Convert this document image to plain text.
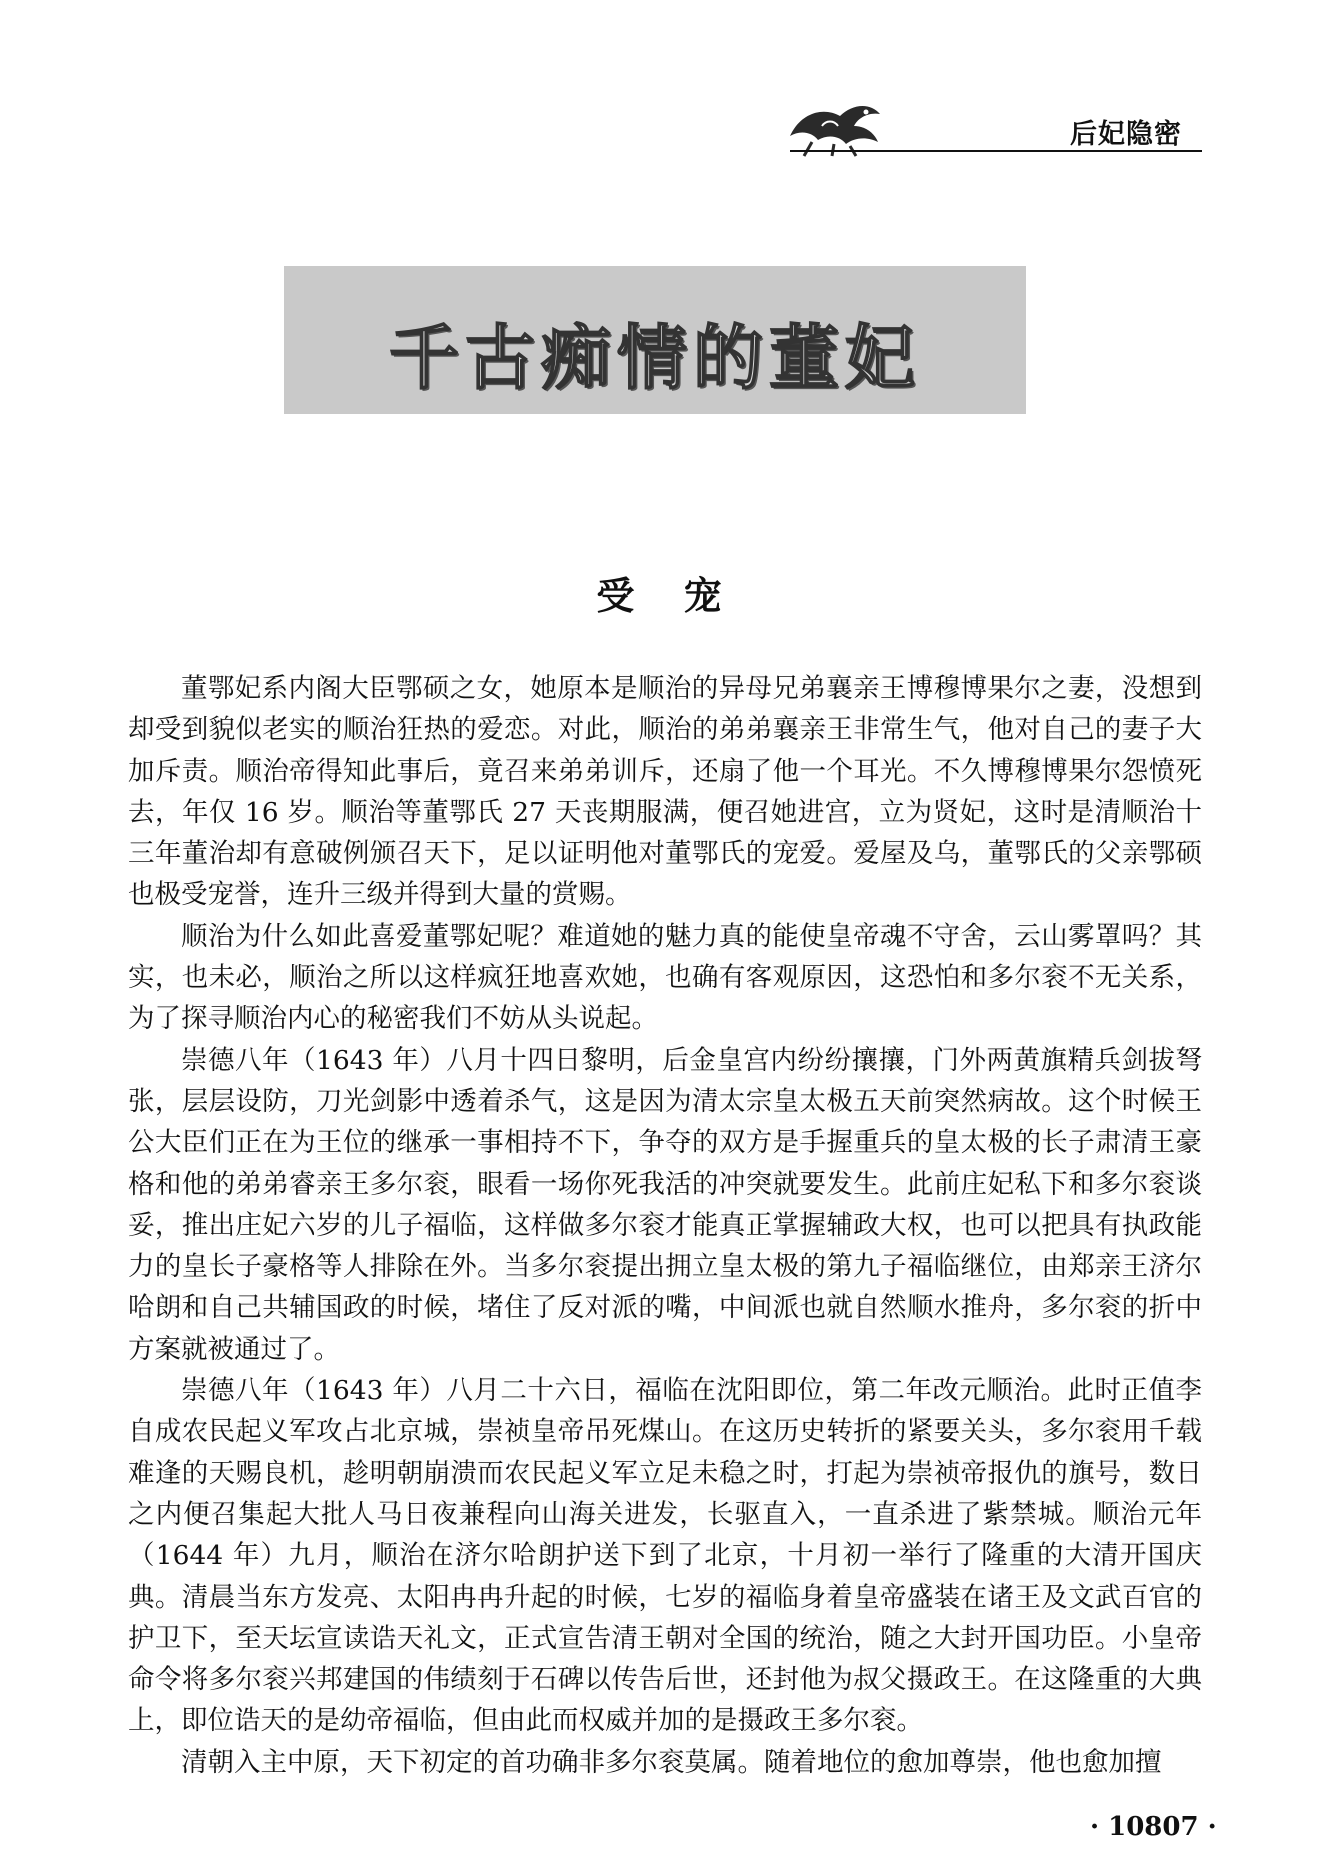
后妃隐密
千古痴情的董妃
受 宠

董鄂妃系内阁大臣鄂硕之女，她原本是顺治的异母兄弟襄亲王博穆博果尔之妻，没想到却受到貌似老实的顺治狂热的爱恋。对此，顺治的弟弟襄亲王非常生气，他对自己的妻子大加斥责。顺治帝得知此事后，竟召来弟弟训斥，还扇了他一个耳光。不久博穆博果尔怨愤死去，年仅 16 岁。顺治等董鄂氏 27 天丧期服满，便召她进宫，立为贤妃，这时是清顺治十三年董治却有意破例颁召天下，足以证明他对董鄂氏的宠爱。爱屋及乌，董鄂氏的父亲鄂硕也极受宠誉，连升三级并得到大量的赏赐。

顺治为什么如此喜爱董鄂妃呢？难道她的魅力真的能使皇帝魂不守舍，云山雾罩吗？其实，也未必，顺治之所以这样疯狂地喜欢她，也确有客观原因，这恐怕和多尔衮不无关系，为了探寻顺治内心的秘密我们不妨从头说起。

崇德八年（1643 年）八月十四日黎明，后金皇宫内纷纷攘攘，门外两黄旗精兵剑拔弩张，层层设防，刀光剑影中透着杀气，这是因为清太宗皇太极五天前突然病故。这个时候王公大臣们正在为王位的继承一事相持不下，争夺的双方是手握重兵的皇太极的长子肃清王豪格和他的弟弟睿亲王多尔衮，眼看一场你死我活的冲突就要发生。此前庄妃私下和多尔衮谈妥，推出庄妃六岁的儿子福临，这样做多尔衮才能真正掌握辅政大权，也可以把具有执政能力的皇长子豪格等人排除在外。当多尔衮提出拥立皇太极的第九子福临继位，由郑亲王济尔哈朗和自己共辅国政的时候，堵住了反对派的嘴，中间派也就自然顺水推舟，多尔衮的折中方案就被通过了。

崇德八年（1643 年）八月二十六日，福临在沈阳即位，第二年改元顺治。此时正值李自成农民起义军攻占北京城，崇祯皇帝吊死煤山。在这历史转折的紧要关头，多尔衮用千载难逢的天赐良机，趁明朝崩溃而农民起义军立足未稳之时，打起为崇祯帝报仇的旗号，数日之内便召集起大批人马日夜兼程向山海关进发，长驱直入，一直杀进了紫禁城。顺治元年（1644 年）九月，顺治在济尔哈朗护送下到了北京，十月初一举行了隆重的大清开国庆典。清晨当东方发亮、太阳冉冉升起的时候，七岁的福临身着皇帝盛装在诸王及文武百官的护卫下，至天坛宣读诰天礼文，正式宣告清王朝对全国的统治，随之大封开国功臣。小皇帝命令将多尔衮兴邦建国的伟绩刻于石碑以传告后世，还封他为叔父摄政王。在这隆重的大典上，即位诰天的是幼帝福临，但由此而权威并加的是摄政王多尔衮。

清朝入主中原，天下初定的首功确非多尔衮莫属。随着地位的愈加尊崇，他也愈加擅

· 10807 ·
